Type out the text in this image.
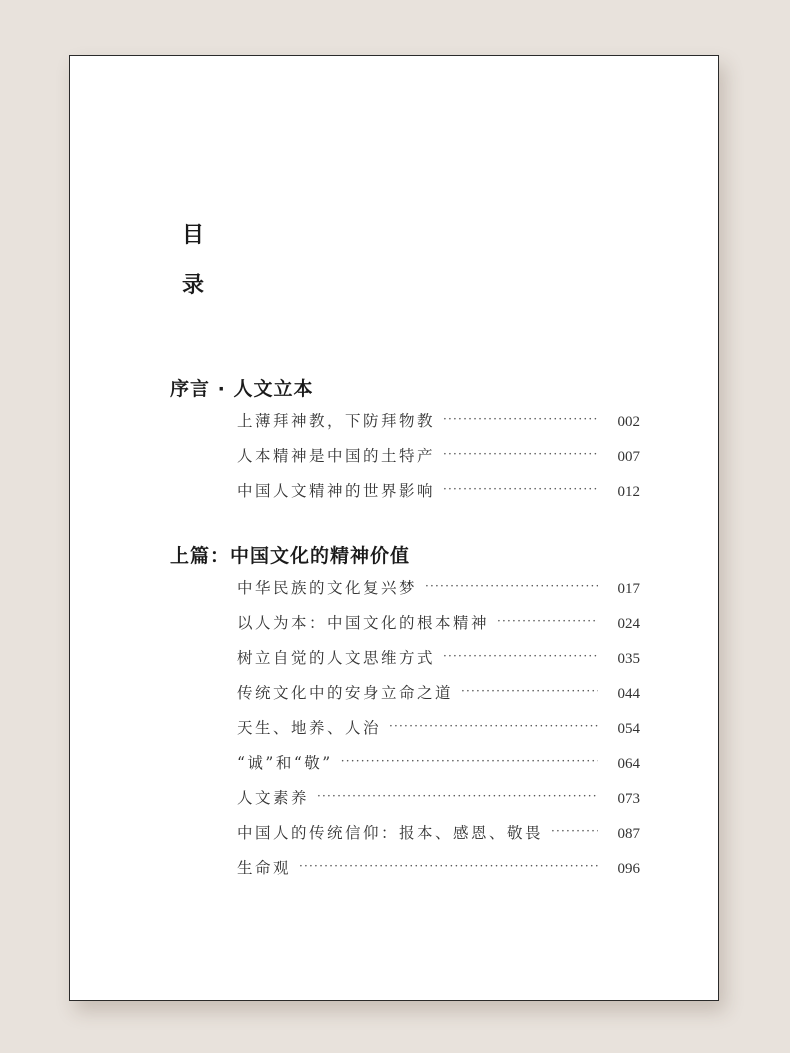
目
录
序言 · 人文立本
上薄拜神教，下防拜物教 ·····	002
人本精神是中国的土特产 ·····	007
中国人文精神的世界影响 ·····	012
上篇：中国文化的精神价值
中华民族的文化复兴梦 ·····	017
以人为本：中国文化的根本精神 ·····	024
树立自觉的人文思维方式 ·····	035
传统文化中的安身立命之道 ·····	044
天生、地养、人治 ·····	054
“诚”和“敬” ·····	064
人文素养 ·····	073
中国人的传统信仰：报本、感恩、敬畏 ·····	087
生命观 ·····	096
